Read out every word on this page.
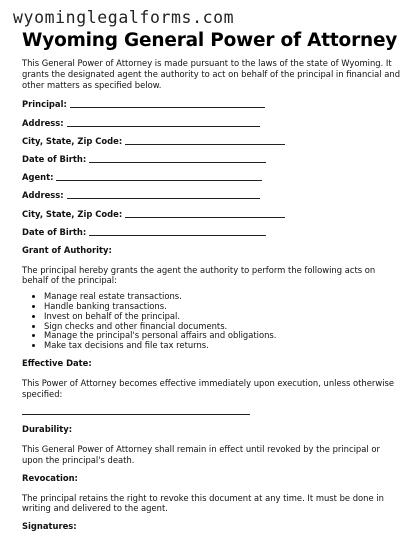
wyominglegalforms.com
Wyoming General Power of Attorney

This General Power of Attorney is made pursuant to the laws of the state of Wyoming. It grants the designated agent the authority to act on behalf of the principal in financial and other matters as specified below.

Principal:
Address:
City, State, Zip Code:
Date of Birth:
Agent:
Address:
City, State, Zip Code:
Date of Birth:

Grant of Authority:

The principal hereby grants the agent the authority to perform the following acts on behalf of the principal:

• Manage real estate transactions.
• Handle banking transactions.
• Invest on behalf of the principal.
• Sign checks and other financial documents.
• Manage the principal's personal affairs and obligations.
• Make tax decisions and file tax returns.

Effective Date:

This Power of Attorney becomes effective immediately upon execution, unless otherwise specified:

Durability:

This General Power of Attorney shall remain in effect until revoked by the principal or upon the principal's death.

Revocation:

The principal retains the right to revoke this document at any time. It must be done in writing and delivered to the agent.

Signatures:
